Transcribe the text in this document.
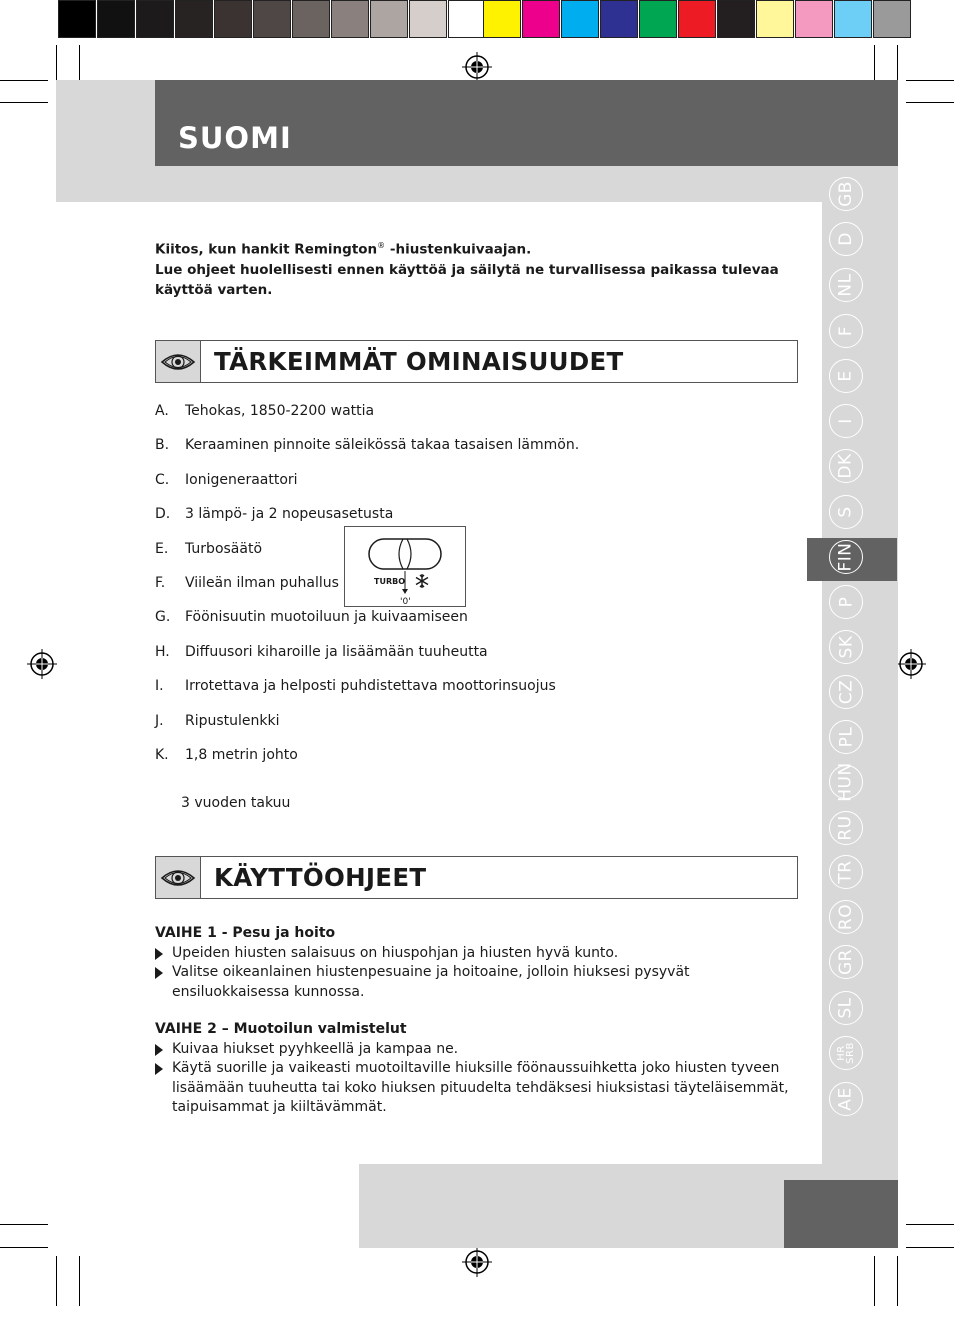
SUOMI
GB
D
NL
F
E
I
DK
S
FIN
P
SK
CZ
PL
HUN
RU
TR
RO
GR
SL
HR
SRB
AE

Kiitos, kun hankit Remington® -hiustenkuivaajan.

Lue ohjeet huolellisesti ennen käyttöä ja säilytä ne turvallisessa paikassa tulevaa käyttöä varten.

TÄRKEIMMÄT OMINAISUUDET
A. Tehokas, 1850-2200 wattia
B. Keraaminen pinnoite säleikössä takaa tasaisen lämmön.
C. Ionigeneraattori
D. 3 lämpö- ja 2 nopeusasetusta
E. Turbosäätö
F. Viileän ilman puhallus
G. Föönisuutin muotoiluun ja kuivaamiseen
H. Diffuusori kiharoille ja lisäämään tuuheutta
I. Irrotettava ja helposti puhdistettava moottorinsuojus
J. Ripustulenkki
K. 1,8 metrin johto
TURBO
'0'
3 vuoden takuu
KÄYTTÖOHJEET
VAIHE 1 - Pesu ja hoito
Upeiden hiusten salaisuus on hiuspohjan ja hiusten hyvä kunto.
Valitse oikeanlainen hiustenpesuaine ja hoitoaine, jolloin hiuksesi pysyvät ensiluokkaisessa kunnossa.
VAIHE 2 – Muotoilun valmistelut
Kuivaa hiukset pyyhkeellä ja kampaa ne.
Käytä suorille ja vaikeasti muotoiltaville hiuksille föönaussuihketta joko hiusten tyveen lisäämään tuuheutta tai koko hiuksen pituudelta tehdäksesi hiuksistasi täyteläisemmät, taipuisammat ja kiiltävämmät.
